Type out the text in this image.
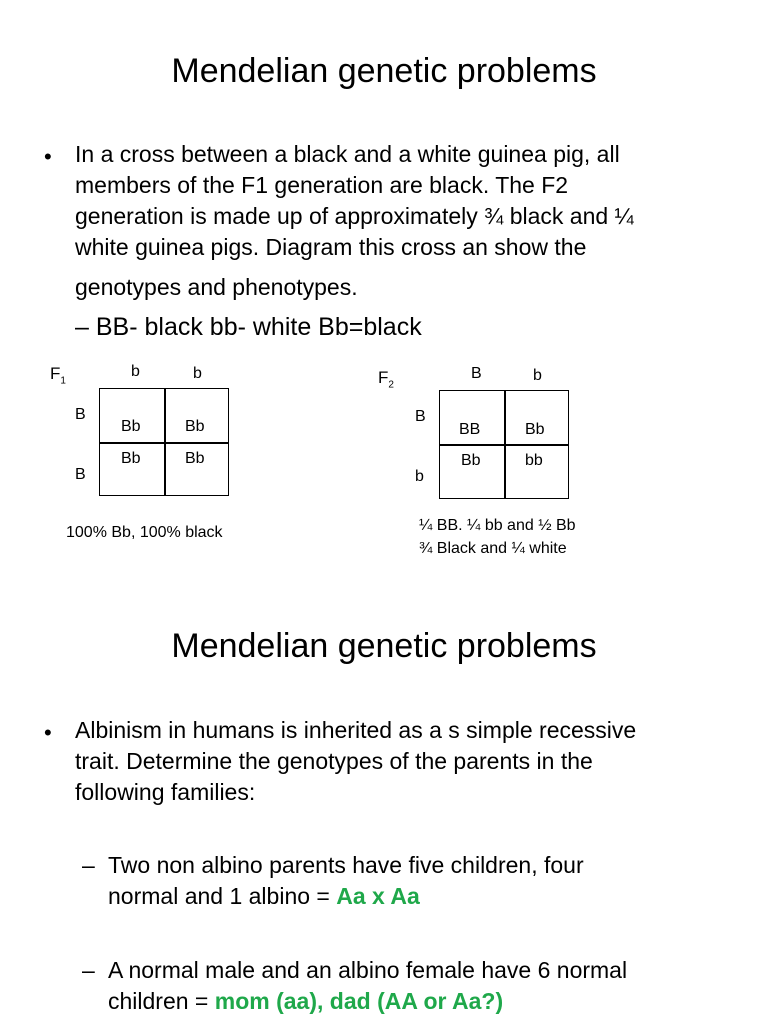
Mendelian genetic problems
• In a cross between a black and a white guinea pig, all
members of the F1 generation are black. The F2
generation is made up of approximately ¾ black and ¼
white guinea pigs. Diagram this cross an show the
genotypes and phenotypes.
– BB- black bb- white Bb=black
$F_1$
b	b
B
B
Bb	Bb
Bb	Bb
100% Bb, 100% black
$F_2$
B	b
B
b
BB	Bb
Bb	bb
¼ BB. ¼ bb and ½ Bb
¾ Black and ¼ white
Mendelian genetic problems
• Albinism in humans is inherited as a s simple recessive
trait. Determine the genotypes of the parents in the
following families:
– Two non albino parents have five children, four
normal and 1 albino = Aa x Aa
– A normal male and an albino female have 6 normal
children = mom (aa), dad (AA or Aa?)
